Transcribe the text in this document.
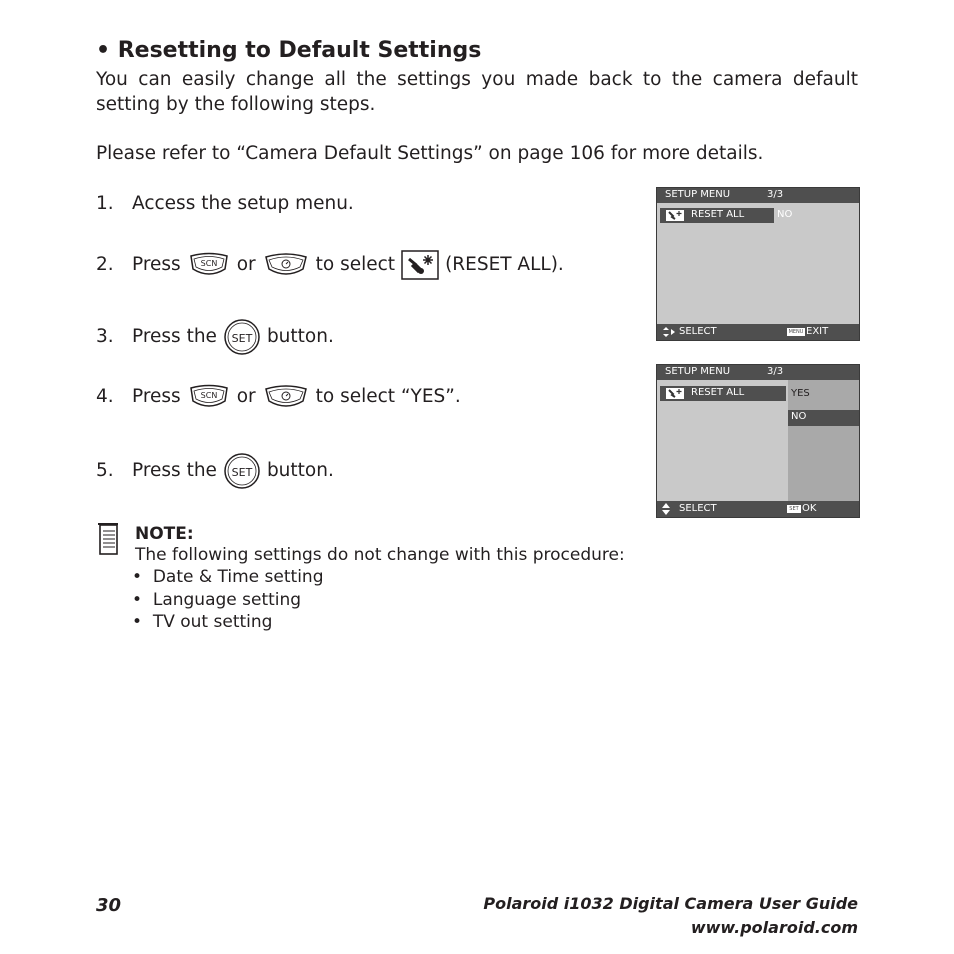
• Resetting to Default Settings
You can easily change all the settings you made back to the camera default setting by the following steps.
Please refer to “Camera Default Settings” on page 106 for more details.
1. Access the setup menu.
2. Press SCN or	to select	(RESET ALL).
3. Press the SET button.
4. Press SCN or	to select “YES”.
5. Press the SET button.
SETUP MENU	3/3
RESET ALL	NO
SELECT	MENU EXIT
SETUP MENU	3/3
RESET ALL	YES
NO
SELECT	SET OK
NOTE:
The following settings do not change with this procedure:
•  Date & Time setting
•  Language setting
•  TV out setting
30	Polaroid i1032 Digital Camera User Guide
www.polaroid.com
